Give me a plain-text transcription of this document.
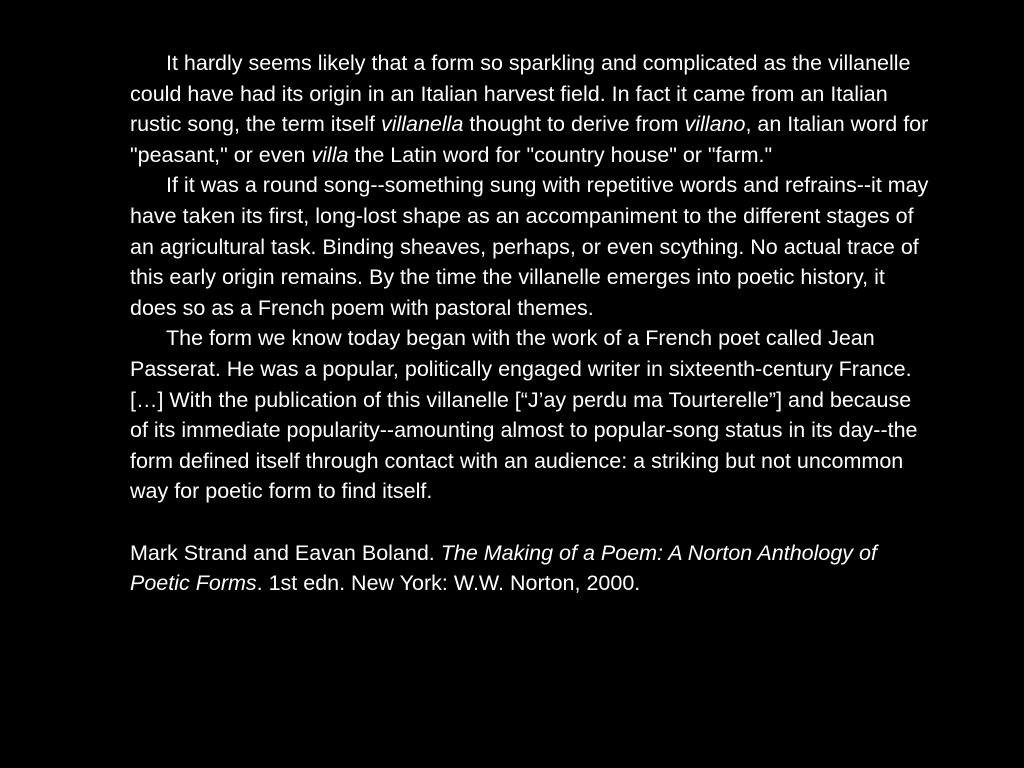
It hardly seems likely that a form so sparkling and complicated as the villanelle could have had its origin in an Italian harvest field. In fact it came from an Italian rustic song, the term itself villanella thought to derive from villano, an Italian word for "peasant," or even villa the Latin word for "country house" or "farm."

If it was a round song--something sung with repetitive words and refrains--it may have taken its first, long-lost shape as an accompaniment to the different stages of an agricultural task. Binding sheaves, perhaps, or even scything. No actual trace of this early origin remains. By the time the villanelle emerges into poetic history, it does so as a French poem with pastoral themes.

The form we know today began with the work of a French poet called Jean Passerat. He was a popular, politically engaged writer in sixteenth-century France. […] With the publication of this villanelle [“J’ay perdu ma Tourterelle”] and because of its immediate popularity--amounting almost to popular-song status in its day--the form defined itself through contact with an audience: a striking but not uncommon way for poetic form to find itself.

Mark Strand and Eavan Boland. The Making of a Poem: A Norton Anthology of Poetic Forms. 1st edn. New York: W.W. Norton, 2000.
